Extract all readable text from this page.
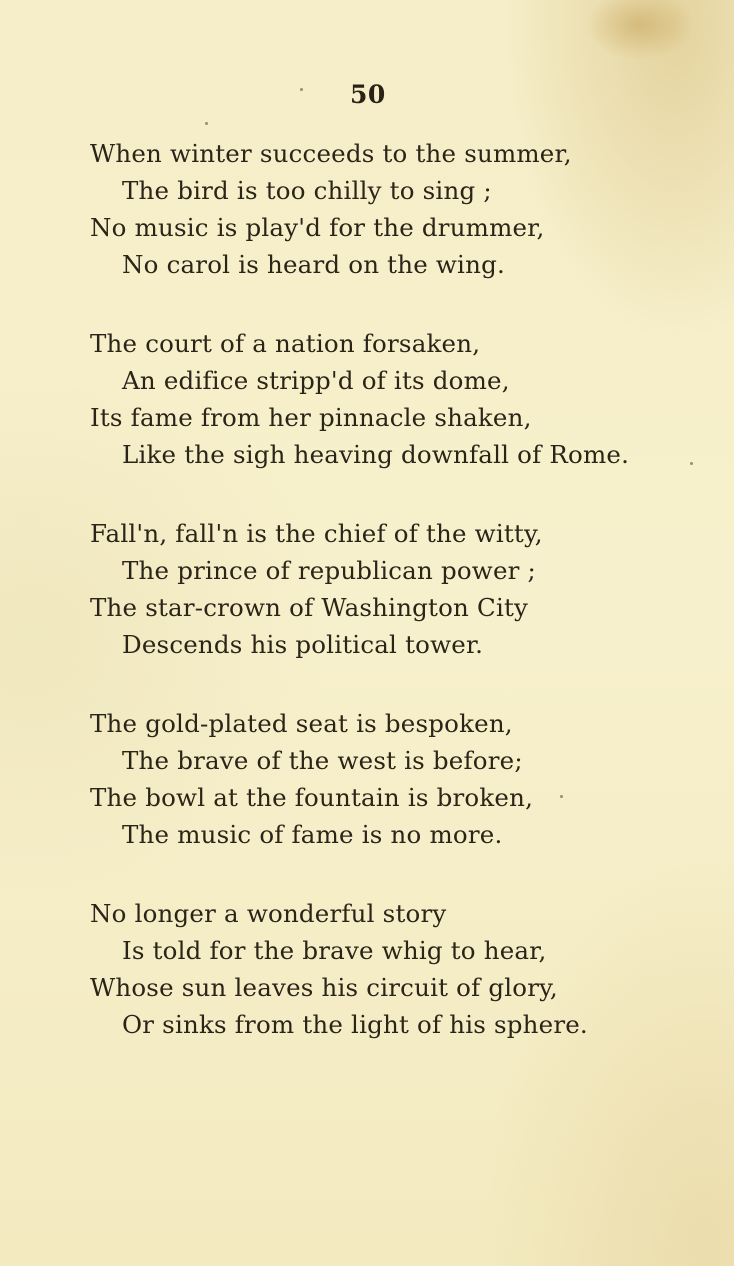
50
When winter succeeds to the summer,
The bird is too chilly to sing ;
No music is play'd for the drummer,
No carol is heard on the wing.
The court of a nation forsaken,
An edifice stripp'd of its dome,
Its fame from her pinnacle shaken,
Like the sigh heaving downfall of Rome.
Fall'n, fall'n is the chief of the witty,
The prince of republican power ;
The star-crown of Washington City
Descends his political tower.
The gold-plated seat is bespoken,
The brave of the west is before;
The bowl at the fountain is broken,
The music of fame is no more.
No longer a wonderful story
Is told for the brave whig to hear,
Whose sun leaves his circuit of glory,
Or sinks from the light of his sphere.
